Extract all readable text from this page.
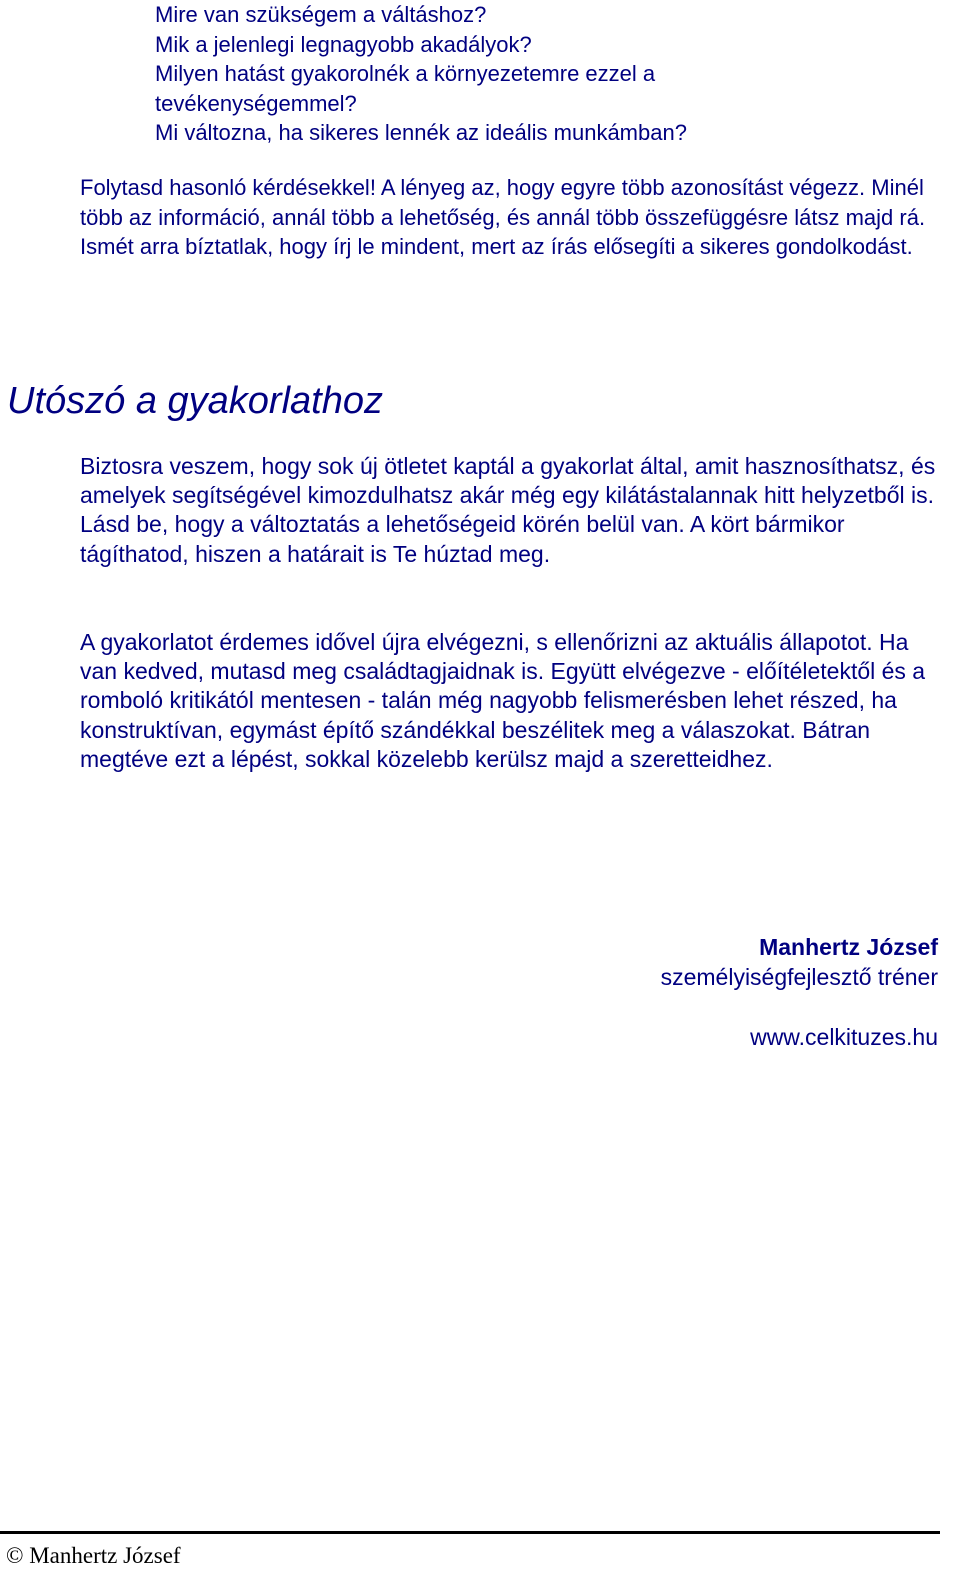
Mire van szükségem a váltáshoz?
Mik a jelenlegi legnagyobb akadályok?
Milyen hatást gyakorolnék a környezetemre ezzel a
tevékenységemmel?
Mi változna, ha sikeres lennék az ideális munkámban?

Folytasd hasonló kérdésekkel! A lényeg az, hogy egyre több azonosítást végezz. Minél több az információ, annál több a lehetőség, és annál több összefüggésre látsz majd rá. Ismét arra bíztatlak, hogy írj le mindent, mert az írás elősegíti a sikeres gondolkodást.

Utószó a gyakorlathoz

Biztosra veszem, hogy sok új ötletet kaptál a gyakorlat által, amit hasznosíthatsz, és amelyek segítségével kimozdulhatsz akár még egy kilátástalannak hitt helyzetből is. Lásd be, hogy a változtatás a lehetőségeid körén belül van. A kört bármikor tágíthatod, hiszen a határait is Te húztad meg.

A gyakorlatot érdemes idővel újra elvégezni, s ellenőrizni az aktuális állapotot. Ha van kedved, mutasd meg családtagjaidnak is. Együtt elvégezve - előítéletektől és a romboló kritikától mentesen - talán még nagyobb felismerésben lehet részed, ha konstruktívan, egymást építő szándékkal beszélitek meg a válaszokat. Bátran megtéve ezt a lépést, sokkal közelebb kerülsz majd a szeretteidhez.

Manhertz József
személyiségfejlesztő tréner
www.celkituzes.hu
© Manhertz József
